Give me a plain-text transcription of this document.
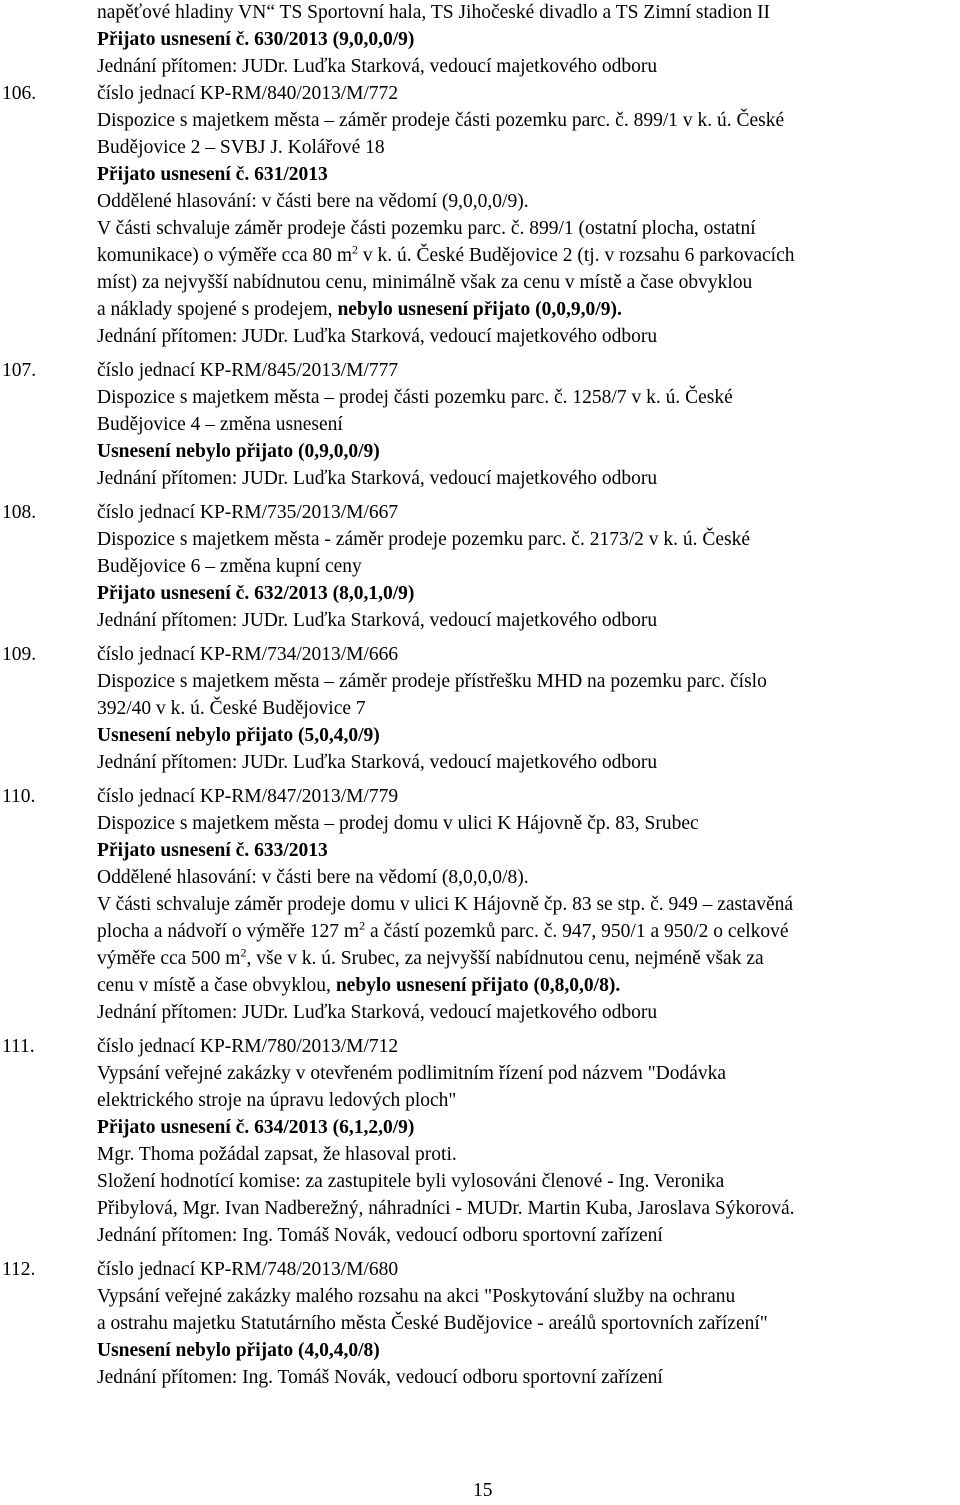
napěťové hladiny VN“ TS Sportovní hala, TS Jihočeské divadlo a TS Zimní stadion II
Přijato usnesení č. 630/2013 (9,0,0,0/9)
Jednání přítomen: JUDr. Luďka Starková, vedoucí majetkového odboru
106.	číslo jednací KP-RM/840/2013/M/772
Dispozice s majetkem města – záměr prodeje části pozemku parc. č. 899/1 v k. ú. České
Budějovice 2 – SVBJ J. Kolářové 18
Přijato usnesení č. 631/2013
Oddělené hlasování: v části bere na vědomí (9,0,0,0/9).
V části schvaluje záměr prodeje části pozemku parc. č. 899/1 (ostatní plocha, ostatní
komunikace) o výměře cca 80 $m^2$ v k. ú. České Budějovice 2 (tj. v rozsahu 6 parkovacích
míst) za nejvyšší nabídnutou cenu, minimálně však za cenu v místě a čase obvyklou
a náklady spojené s prodejem, nebylo usnesení přijato (0,0,9,0/9).
Jednání přítomen: JUDr. Luďka Starková, vedoucí majetkového odboru
107.	číslo jednací KP-RM/845/2013/M/777
Dispozice s majetkem města – prodej části pozemku parc. č. 1258/7 v k. ú. České
Budějovice 4 – změna usnesení
Usnesení nebylo přijato (0,9,0,0/9)
Jednání přítomen: JUDr. Luďka Starková, vedoucí majetkového odboru
108.	číslo jednací KP-RM/735/2013/M/667
Dispozice s majetkem města - záměr prodeje pozemku parc. č. 2173/2 v k. ú. České
Budějovice 6 – změna kupní ceny
Přijato usnesení č. 632/2013 (8,0,1,0/9)
Jednání přítomen: JUDr. Luďka Starková, vedoucí majetkového odboru
109.	číslo jednací KP-RM/734/2013/M/666
Dispozice s majetkem města – záměr prodeje přístřešku MHD na pozemku parc. číslo
392/40 v k. ú. České Budějovice 7
Usnesení nebylo přijato (5,0,4,0/9)
Jednání přítomen: JUDr. Luďka Starková, vedoucí majetkového odboru
110.	číslo jednací KP-RM/847/2013/M/779
Dispozice s majetkem města – prodej domu v ulici K Hájovně čp. 83, Srubec
Přijato usnesení č. 633/2013
Oddělené hlasování: v části bere na vědomí (8,0,0,0/8).
V části schvaluje záměr prodeje domu v ulici K Hájovně čp. 83 se stp. č. 949 – zastavěná
plocha a nádvoří o výměře 127 $m^2$ a částí pozemků parc. č. 947, 950/1 a 950/2 o celkové
výměře cca 500 $m^2$, vše v k. ú. Srubec, za nejvyšší nabídnutou cenu, nejméně však za
cenu v místě a čase obvyklou, nebylo usnesení přijato (0,8,0,0/8).
Jednání přítomen: JUDr. Luďka Starková, vedoucí majetkového odboru
111.	číslo jednací KP-RM/780/2013/M/712
Vypsání veřejné zakázky v otevřeném podlimitním řízení pod názvem "Dodávka
elektrického stroje na úpravu ledových ploch"
Přijato usnesení č. 634/2013 (6,1,2,0/9)
Mgr. Thoma požádal zapsat, že hlasoval proti.
Složení hodnotící komise: za zastupitele byli vylosováni členové - Ing. Veronika
Přibylová, Mgr. Ivan Nadberežný, náhradníci - MUDr. Martin Kuba, Jaroslava Sýkorová.
Jednání přítomen: Ing. Tomáš Novák, vedoucí odboru sportovní zařízení
112.	číslo jednací KP-RM/748/2013/M/680
Vypsání veřejné zakázky malého rozsahu na akci "Poskytování služby na ochranu
a ostrahu majetku Statutárního města České Budějovice - areálů sportovních zařízení"
Usnesení nebylo přijato (4,0,4,0/8)
Jednání přítomen: Ing. Tomáš Novák, vedoucí odboru sportovní zařízení
15
